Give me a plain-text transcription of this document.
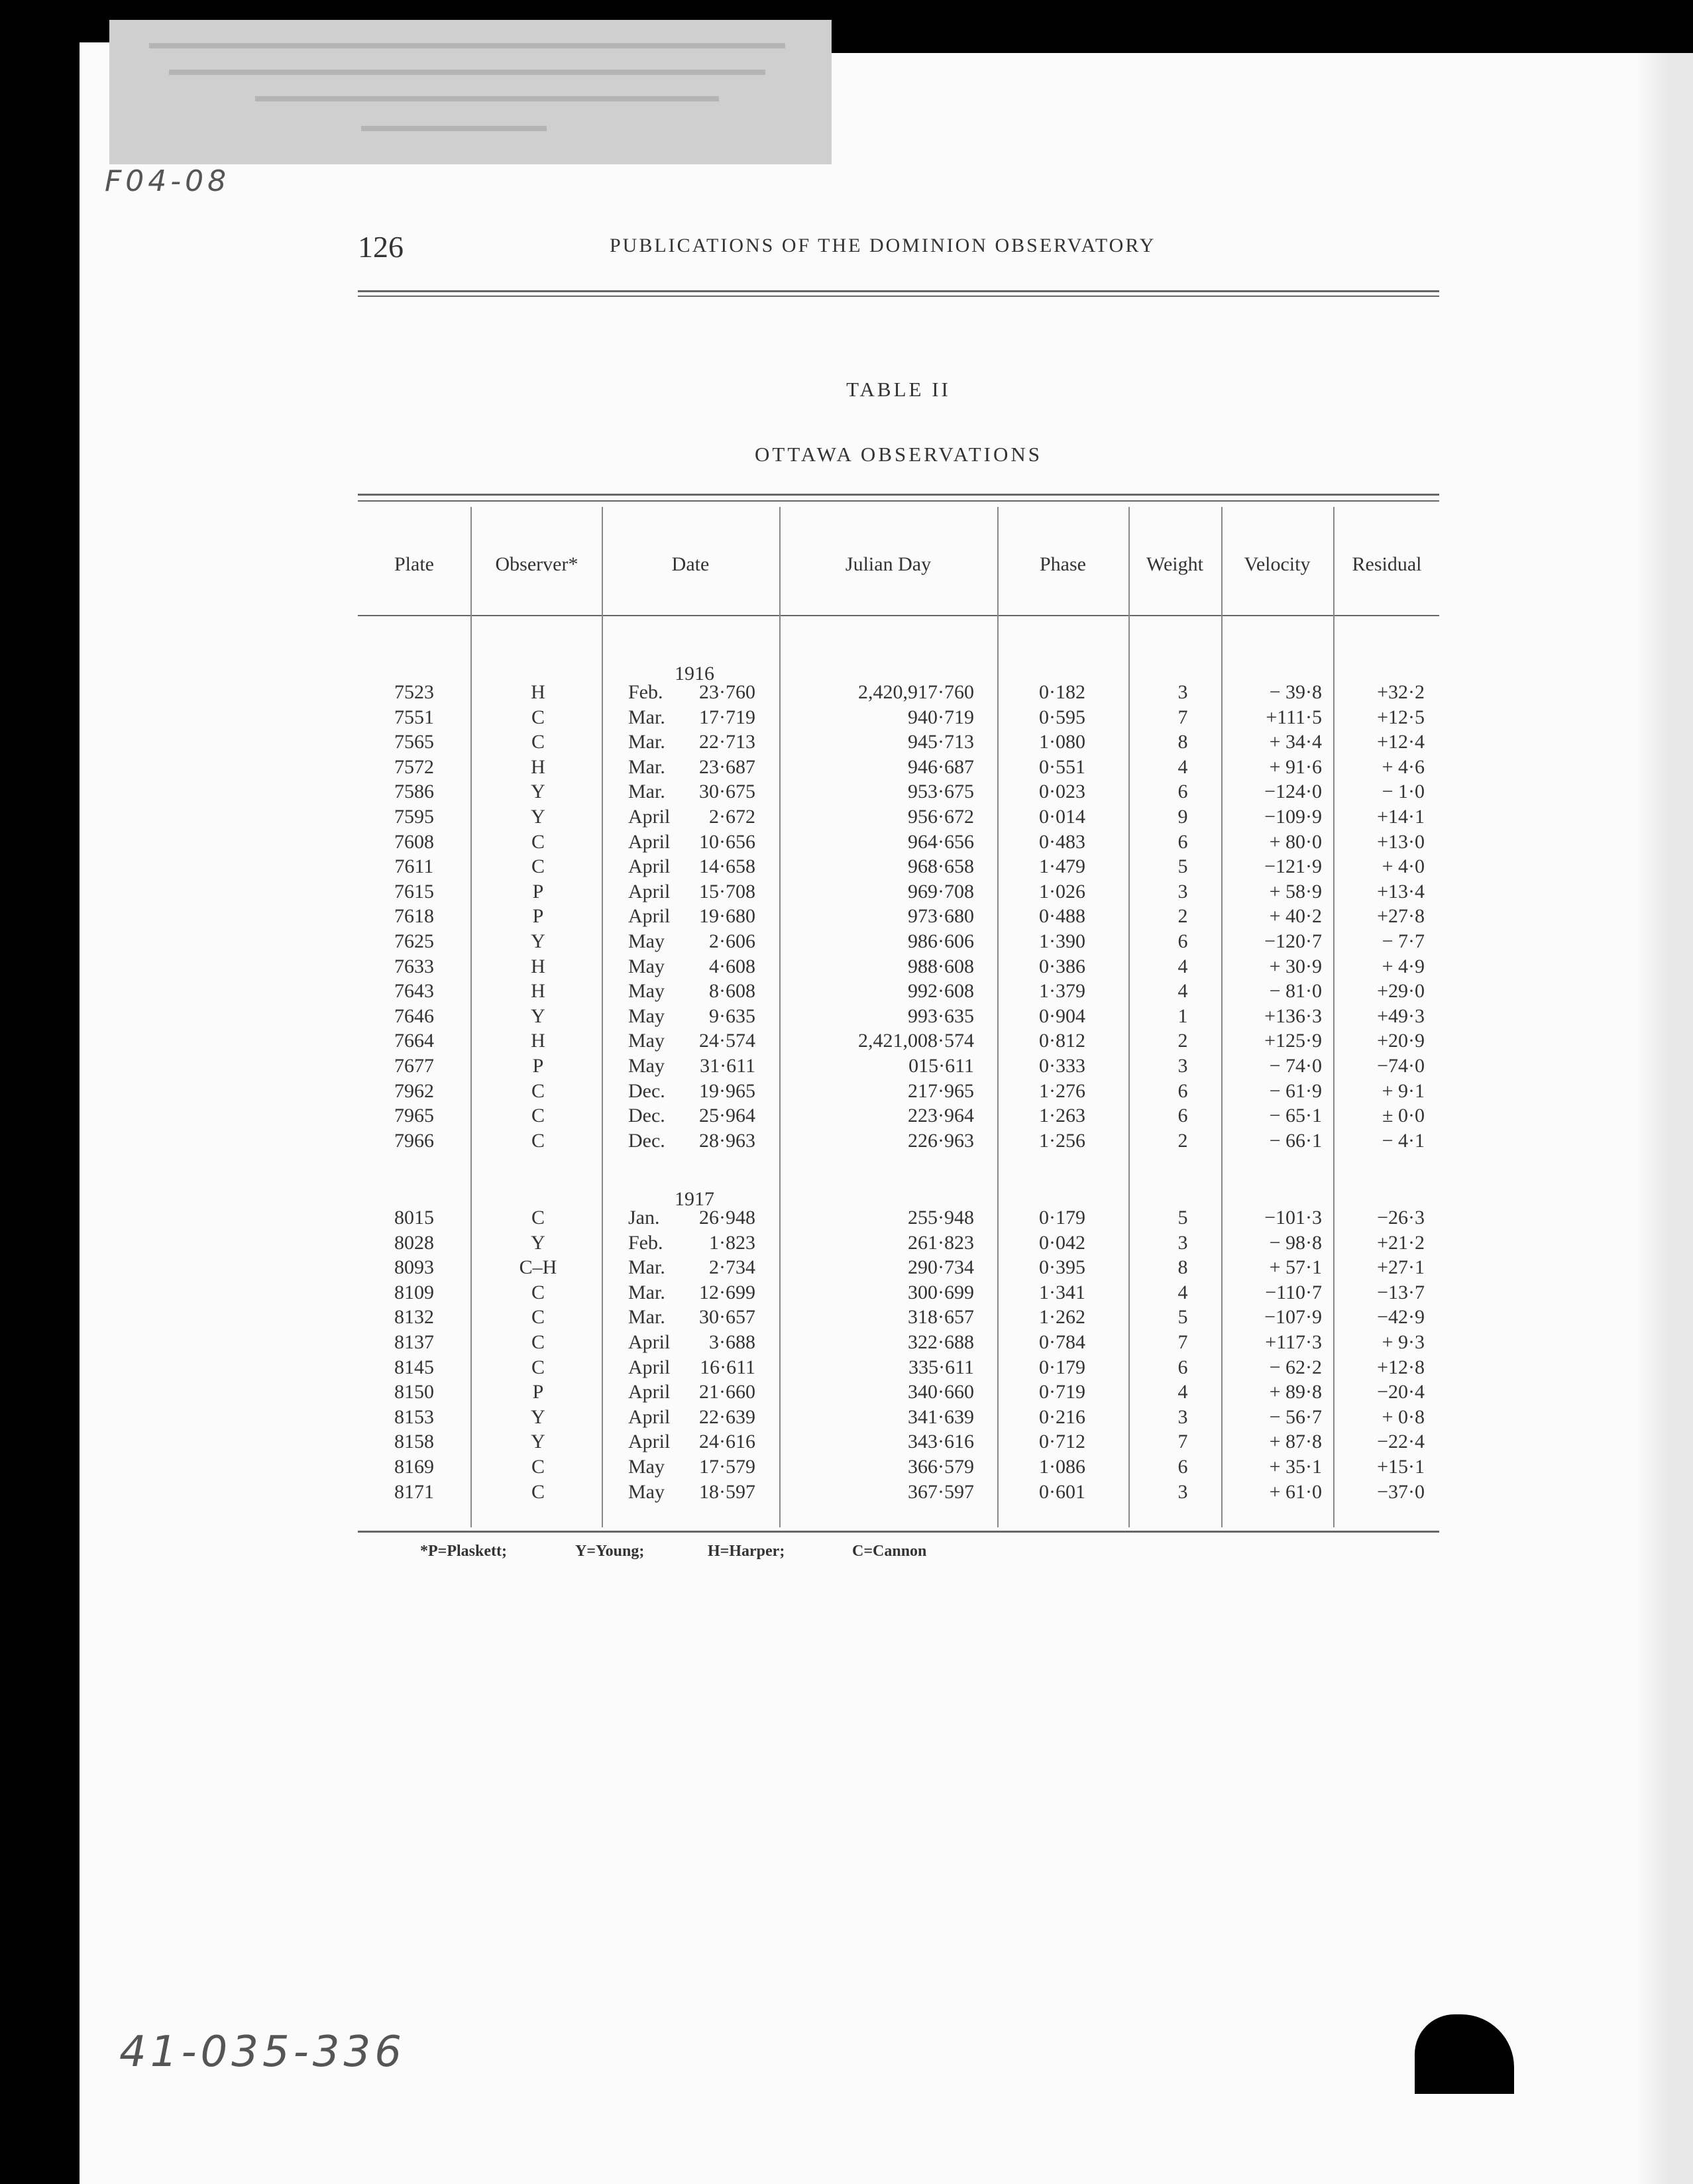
F04-08
41-035-336
126	PUBLICATIONS OF THE DOMINION OBSERVATORY
TABLE II
OTTAWA OBSERVATIONS
Plate	Observer*	Date	Julian Day	Phase	Weight	Velocity	Residual
1916
7523	H	Feb.	23·760	2,420,917·760	0·182	3	− 39·8	+32·2
7551	C	Mar.	17·719	940·719	0·595	7	+111·5	+12·5
7565	C	Mar.	22·713	945·713	1·080	8	+ 34·4	+12·4
7572	H	Mar.	23·687	946·687	0·551	4	+ 91·6	+ 4·6
7586	Y	Mar.	30·675	953·675	0·023	6	−124·0	− 1·0
7595	Y	April	2·672	956·672	0·014	9	−109·9	+14·1
7608	C	April	10·656	964·656	0·483	6	+ 80·0	+13·0
7611	C	April	14·658	968·658	1·479	5	−121·9	+ 4·0
7615	P	April	15·708	969·708	1·026	3	+ 58·9	+13·4
7618	P	April	19·680	973·680	0·488	2	+ 40·2	+27·8
7625	Y	May	2·606	986·606	1·390	6	−120·7	− 7·7
7633	H	May	4·608	988·608	0·386	4	+ 30·9	+ 4·9
7643	H	May	8·608	992·608	1·379	4	− 81·0	+29·0
7646	Y	May	9·635	993·635	0·904	1	+136·3	+49·3
7664	H	May	24·574	2,421,008·574	0·812	2	+125·9	+20·9
7677	P	May	31·611	015·611	0·333	3	− 74·0	−74·0
7962	C	Dec.	19·965	217·965	1·276	6	− 61·9	+ 9·1
7965	C	Dec.	25·964	223·964	1·263	6	− 65·1	± 0·0
7966	C	Dec.	28·963	226·963	1·256	2	− 66·1	− 4·1
1917
8015	C	Jan.	26·948	255·948	0·179	5	−101·3	−26·3
8028	Y	Feb.	1·823	261·823	0·042	3	− 98·8	+21·2
8093	C–H	Mar.	2·734	290·734	0·395	8	+ 57·1	+27·1
8109	C	Mar.	12·699	300·699	1·341	4	−110·7	−13·7
8132	C	Mar.	30·657	318·657	1·262	5	−107·9	−42·9
8137	C	April	3·688	322·688	0·784	7	+117·3	+ 9·3
8145	C	April	16·611	335·611	0·179	6	− 62·2	+12·8
8150	P	April	21·660	340·660	0·719	4	+ 89·8	−20·4
8153	Y	April	22·639	341·639	0·216	3	− 56·7	+ 0·8
8158	Y	April	24·616	343·616	0·712	7	+ 87·8	−22·4
8169	C	May	17·579	366·579	1·086	6	+ 35·1	+15·1
8171	C	May	18·597	367·597	0·601	3	+ 61·0	−37·0
*P=Plaskett;	Y=Young;	H=Harper;	C=Cannon
